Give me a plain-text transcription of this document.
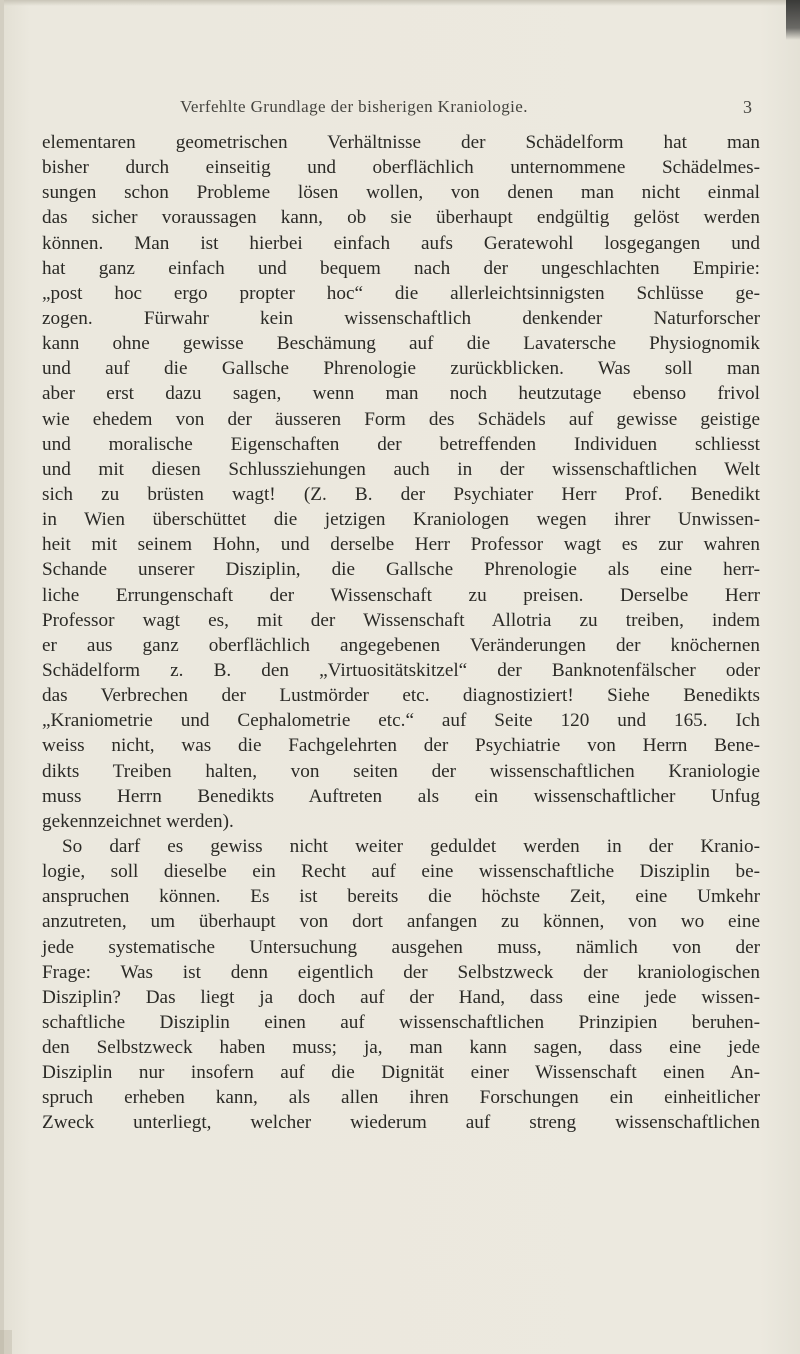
Verfehlte Grundlage der bisherigen Kraniologie.	3
elementaren geometrischen Verhältnisse der Schädelform hat man
bisher durch einseitig und oberflächlich unternommene Schädelmes-
sungen schon Probleme lösen wollen, von denen man nicht einmal
das sicher voraussagen kann, ob sie überhaupt endgültig gelöst werden
können. Man ist hierbei einfach aufs Geratewohl losgegangen und
hat ganz einfach und bequem nach der ungeschlachten Empirie:
„post hoc ergo propter hoc“ die allerleichtsinnigsten Schlüsse ge-
zogen. Fürwahr kein wissenschaftlich denkender Naturforscher
kann ohne gewisse Beschämung auf die Lavatersche Physiognomik
und auf die Gallsche Phrenologie zurückblicken. Was soll man
aber erst dazu sagen, wenn man noch heutzutage ebenso frivol
wie ehedem von der äusseren Form des Schädels auf gewisse geistige
und moralische Eigenschaften der betreffenden Individuen schliesst
und mit diesen Schlussziehungen auch in der wissenschaftlichen Welt
sich zu brüsten wagt! (Z. B. der Psychiater Herr Prof. Benedikt
in Wien überschüttet die jetzigen Kraniologen wegen ihrer Unwissen-
heit mit seinem Hohn, und derselbe Herr Professor wagt es zur wahren
Schande unserer Disziplin, die Gallsche Phrenologie als eine herr-
liche Errungenschaft der Wissenschaft zu preisen. Derselbe Herr
Professor wagt es, mit der Wissenschaft Allotria zu treiben, indem
er aus ganz oberflächlich angegebenen Veränderungen der knöchernen
Schädelform z. B. den „Virtuositätskitzel“ der Banknotenfälscher oder
das Verbrechen der Lustmörder etc. diagnostiziert! Siehe Benedikts
„Kraniometrie und Cephalometrie etc.“ auf Seite 120 und 165. Ich
weiss nicht, was die Fachgelehrten der Psychiatrie von Herrn Bene-
dikts Treiben halten, von seiten der wissenschaftlichen Kraniologie
muss Herrn Benedikts Auftreten als ein wissenschaftlicher Unfug
gekennzeichnet werden).
So darf es gewiss nicht weiter geduldet werden in der Kranio-
logie, soll dieselbe ein Recht auf eine wissenschaftliche Disziplin be-
anspruchen können. Es ist bereits die höchste Zeit, eine Umkehr
anzutreten, um überhaupt von dort anfangen zu können, von wo eine
jede systematische Untersuchung ausgehen muss, nämlich von der
Frage: Was ist denn eigentlich der Selbstzweck der kraniologischen
Disziplin? Das liegt ja doch auf der Hand, dass eine jede wissen-
schaftliche Disziplin einen auf wissenschaftlichen Prinzipien beruhen-
den Selbstzweck haben muss; ja, man kann sagen, dass eine jede
Disziplin nur insofern auf die Dignität einer Wissenschaft einen An-
spruch erheben kann, als allen ihren Forschungen ein einheitlicher
Zweck unterliegt, welcher wiederum auf streng wissenschaftlichen
